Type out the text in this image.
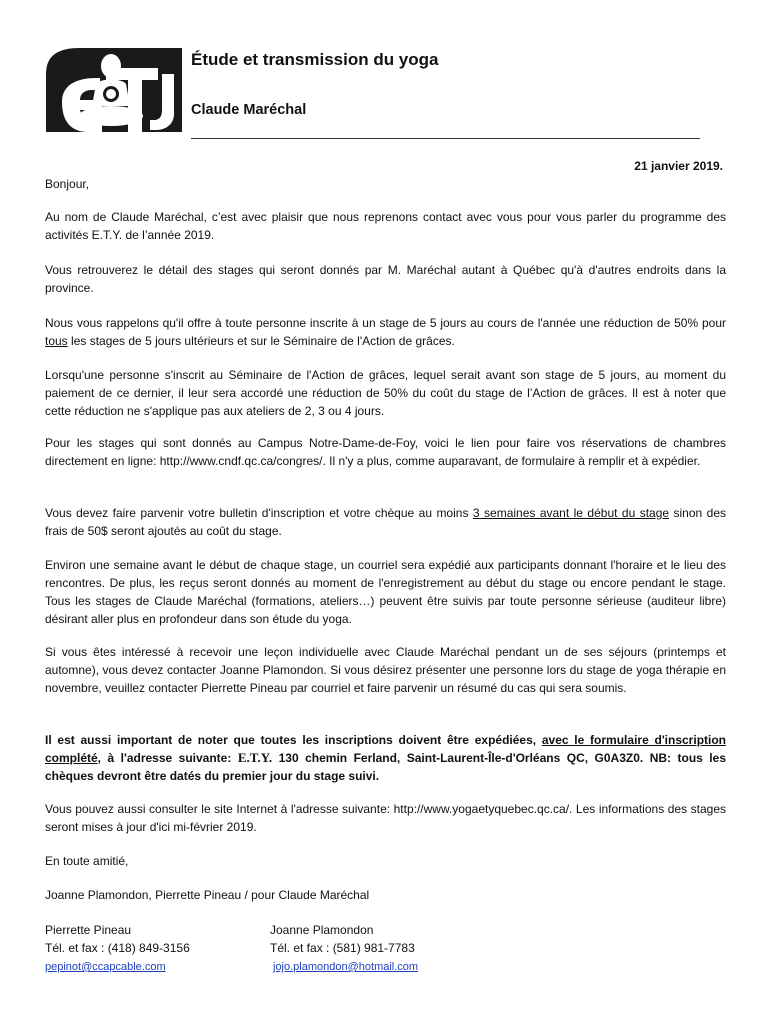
Étude et transmission du yoga
Claude Maréchal
21 janvier 2019.

Bonjour,

Au nom de Claude Maréchal, c’est avec plaisir que nous reprenons contact avec vous pour vous parler du programme des activités E.T.Y. de l’année 2019.

Vous retrouverez le détail des stages qui seront donnés par M. Maréchal autant à Québec qu'à d'autres endroits dans la province.

Nous vous rappelons qu'il offre à toute personne inscrite à un stage de 5 jours au cours de l'année une réduction de 50% pour tous les stages de 5 jours ultérieurs et sur le Séminaire de l'Action de grâces.

Lorsqu'une personne s'inscrit au Séminaire de l'Action de grâces, lequel serait avant son stage de 5 jours, au moment du paiement de ce dernier, il leur sera accordé une réduction de 50% du coût du stage de l’Action de grâces. Il est à noter que cette réduction ne s'applique pas aux ateliers de 2, 3 ou 4 jours.

Pour les stages qui sont donnés au Campus Notre-Dame-de-Foy, voici le lien pour faire vos réservations de chambres directement en ligne: http://www.cndf.qc.ca/congres/. Il n'y a plus, comme auparavant, de formulaire à remplir et à expédier.

Vous devez faire parvenir votre bulletin d'inscription et votre chèque au moins 3 semaines avant le début du stage sinon des frais de 50$ seront ajoutés au coût du stage.

Environ une semaine avant le début de chaque stage, un courriel sera expédié aux participants donnant l'horaire et le lieu des rencontres. De plus, les reçus seront donnés au moment de l'enregistrement au début du stage ou encore pendant le stage. Tous les stages de Claude Maréchal (formations, ateliers…) peuvent être suivis par toute personne sérieuse (auditeur libre) désirant aller plus en profondeur dans son étude du yoga.

Si vous êtes intéressé à recevoir une leçon individuelle avec Claude Maréchal pendant un de ses séjours (printemps et automne), vous devez contacter Joanne Plamondon. Si vous désirez présenter une personne lors du stage de yoga thérapie en novembre, veuillez contacter Pierrette Pineau par courriel et faire parvenir un résumé du cas qui sera soumis.

Il est aussi important de noter que toutes les inscriptions doivent être expédiées, avec le formulaire d'inscription complété, à l'adresse suivante: E.T.Y. 130 chemin Ferland, Saint-Laurent-Île-d'Orléans QC, G0A3Z0. NB: tous les chèques devront être datés du premier jour du stage suivi.

Vous pouvez aussi consulter le site Internet à l'adresse suivante: http://www.yogaetyquebec.qc.ca/. Les informations des stages seront mises à jour d'ici mi-février 2019.

En toute amitié,

Joanne Plamondon, Pierrette Pineau / pour Claude Maréchal

Pierrette Pineau
Tél. et fax : (418) 849-3156
pepinot@ccapcable.com
Joanne Plamondon
Tél. et fax : (581) 981-7783
jojo.plamondon@hotmail.com
